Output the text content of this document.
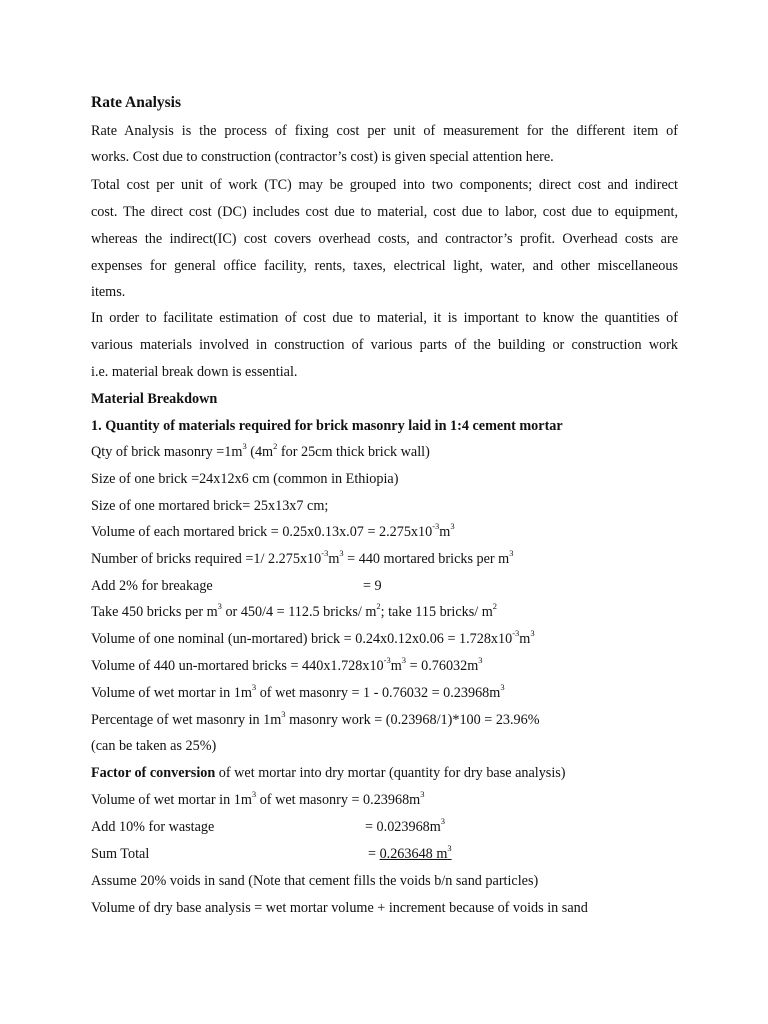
Rate Analysis
Rate Analysis is the process of fixing cost per unit of measurement for the different item of
works. Cost due to construction (contractor’s cost) is given special attention here.
Total cost per unit of work (TC) may be grouped into two components; direct cost and indirect
cost. The direct cost (DC) includes cost due to material, cost due to labor, cost due to equipment,
whereas the indirect(IC) cost covers overhead costs, and contractor’s profit. Overhead costs are
expenses for general office facility, rents, taxes, electrical light, water, and other miscellaneous
items.
In order to facilitate estimation of cost due to material, it is important to know the quantities of
various materials involved in construction of various parts of the building or construction work
i.e. material break down is essential.
Material Breakdown
1. Quantity of materials required for brick masonry laid in 1:4 cement mortar
Qty of brick masonry $=1m^3$ ($4m^2$ for 25cm thick brick wall)
Size of one brick =24x12x6 cm (common in Ethiopia)
Size of one mortared brick= 25x13x7 cm;
Volume of each mortared brick = $0.25x0.13x.07 = 2.275x10^{-3}m^3$
Number of bricks required =1/ $2.275x10^{-3}m^3 = 440$ mortared bricks per $m^3$
Add 2% for breakage	= 9
Take 450 bricks per $m^3$ or 450/4 = 112.5 bricks/ $m^2$; take 115 bricks/ $m^2$
Volume of one nominal (un-mortared) brick = $0.24x0.12x0.06 = 1.728x10^{-3}m^3$
Volume of 440 un-mortared bricks = $440x1.728x10^{-3}m^3 = 0.76032m^3$
Volume of wet mortar in $1m^3$ of wet masonry = $1 - 0.76032 = 0.23968m^3$
Percentage of wet masonry in $1m^3$ masonry work = (0.23968/1)*100 = 23.96%
(can be taken as 25%)
Factor of conversion of wet mortar into dry mortar (quantity for dry base analysis)
Volume of wet mortar in $1m^3$ of wet masonry = $0.23968m^3$
Add 10% for wastage	= $0.023968m^3$
Sum Total	= 0.263648 $m^3$
Assume 20% voids in sand (Note that cement fills the voids b/n sand particles)
Volume of dry base analysis = wet mortar volume + increment because of voids in sand
